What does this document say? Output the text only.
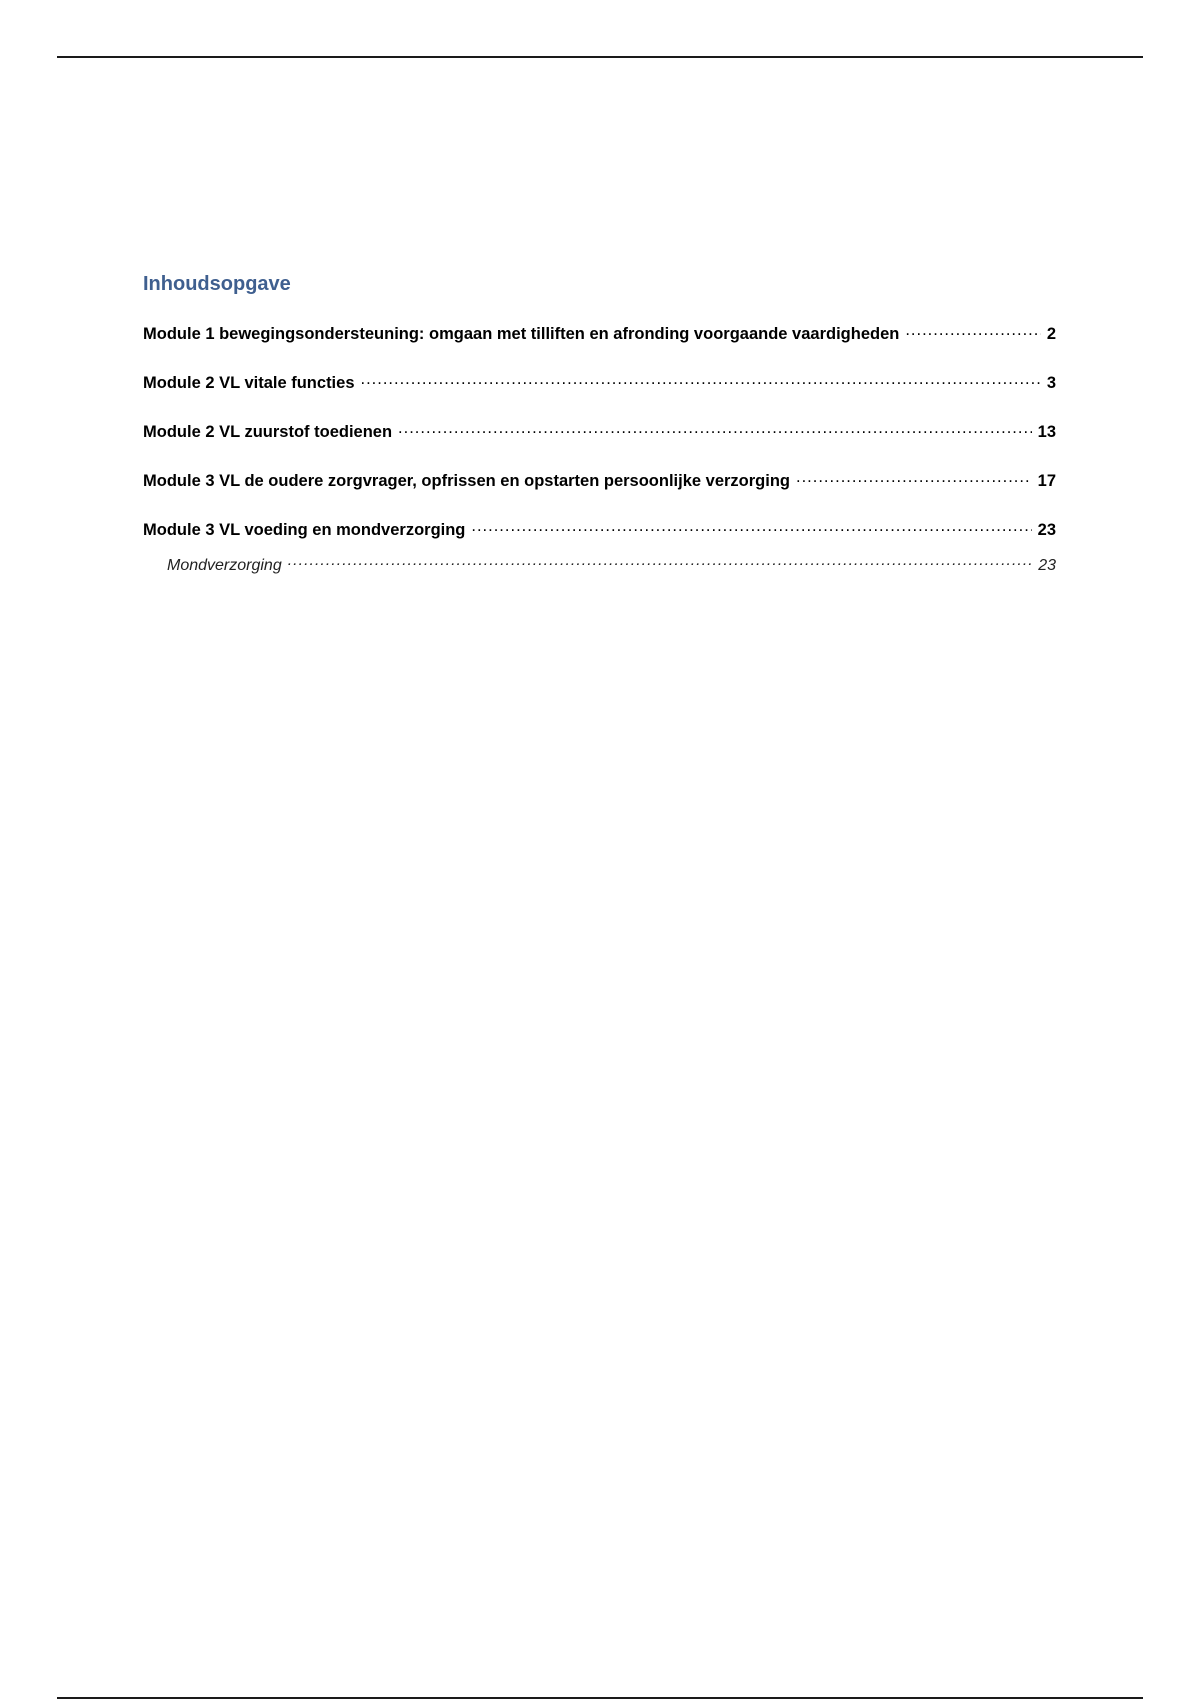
Inhoudsopgave
Module 1 bewegingsondersteuning: omgaan met tilliften en afronding voorgaande vaardigheden .....	2
Module 2 VL vitale functies .....	3
Module 2 VL zuurstof toedienen .....	13
Module 3 VL de oudere zorgvrager, opfrissen en opstarten persoonlijke verzorging .....	17
Module 3 VL voeding en mondverzorging .....	23
Mondverzorging .....	23
